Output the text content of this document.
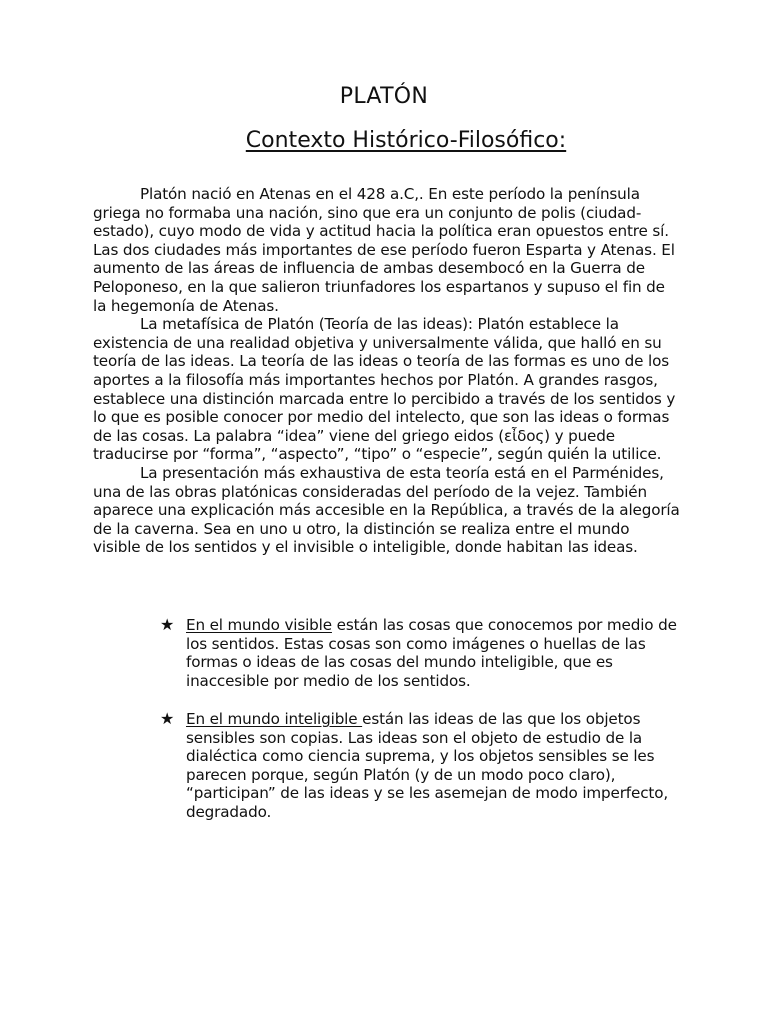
PLATÓN
Contexto Histórico-Filosófico:

Platón nació en Atenas en el 428 a.C,. En este período la península griega no formaba una nación, sino que era un conjunto de polis (ciudad-estado), cuyo modo de vida y actitud hacia la política eran opuestos entre sí. Las dos ciudades más importantes de ese período fueron Esparta y Atenas. El aumento de las áreas de influencia de ambas desembocó en la Guerra de Peloponeso, en la que salieron triunfadores los espartanos y supuso el fin de la hegemonía de Atenas.

La metafísica de Platón (Teoría de las ideas): Platón establece la existencia de una realidad objetiva y universalmente válida, que halló en su teoría de las ideas. La teoría de las ideas o teoría de las formas es uno de los aportes a la filosofía más importantes hechos por Platón. A grandes rasgos, establece una distinción marcada entre lo percibido a través de los sentidos y lo que es posible conocer por medio del intelecto, que son las ideas o formas de las cosas. La palabra “idea” viene del griego eidos (εἶδος) y puede traducirse por “forma”, “aspecto”, “tipo” o “especie”, según quién la utilice.

La presentación más exhaustiva de esta teoría está en el Parménides, una de las obras platónicas consideradas del período de la vejez. También aparece una explicación más accesible en la República, a través de la alegoría de la caverna. Sea en uno u otro, la distinción se realiza entre el mundo visible de los sentidos y el invisible o inteligible, donde habitan las ideas.

★ En el mundo visible están las cosas que conocemos por medio de los sentidos. Estas cosas son como imágenes o huellas de las formas o ideas de las cosas del mundo inteligible, que es inaccesible por medio de los sentidos.
★ En el mundo inteligible están las ideas de las que los objetos sensibles son copias. Las ideas son el objeto de estudio de la dialéctica como ciencia suprema, y los objetos sensibles se les parecen porque, según Platón (y de un modo poco claro), “participan” de las ideas y se les asemejan de modo imperfecto, degradado.
